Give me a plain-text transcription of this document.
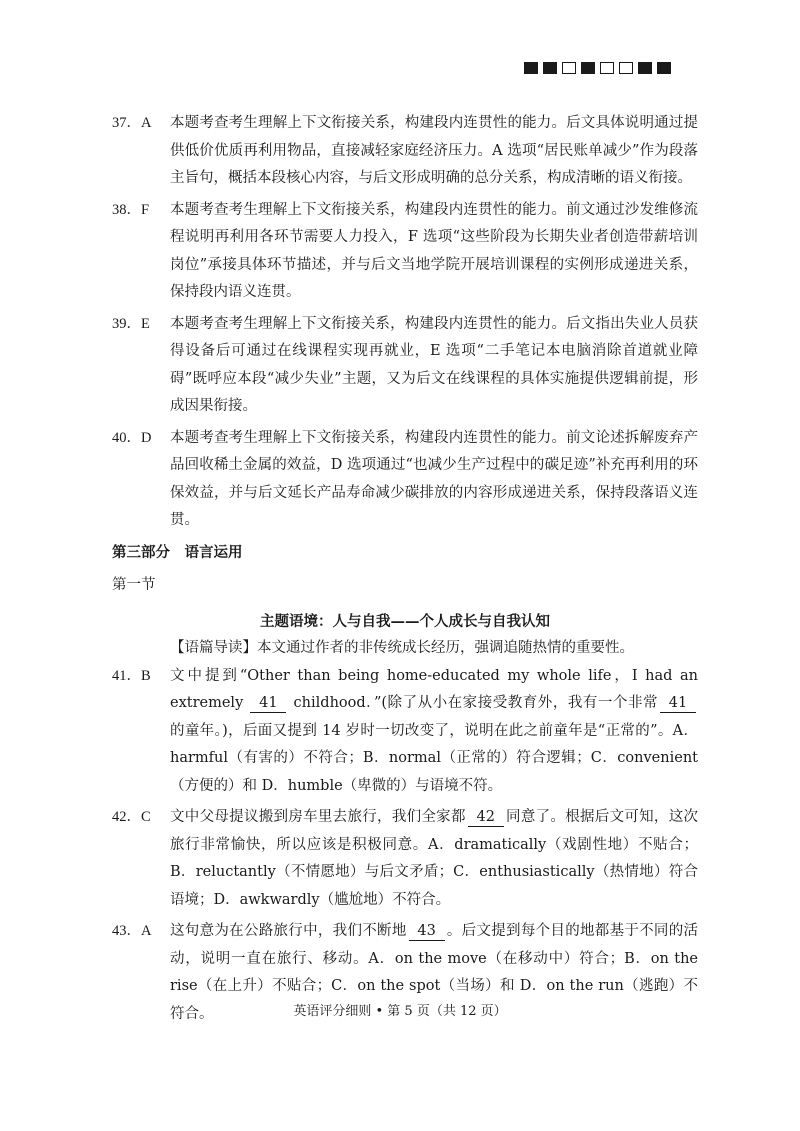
37．A	本题考查考生理解上下文衔接关系，构建段内连贯性的能力。后文具体说明通过提供低价优质再利用物品，直接减轻家庭经济压力。A 选项“居民账单减少”作为段落主旨句，概括本段核心内容，与后文形成明确的总分关系，构成清晰的语义衔接。
38．F	本题考查考生理解上下文衔接关系，构建段内连贯性的能力。前文通过沙发维修流程说明再利用各环节需要人力投入，F 选项“这些阶段为长期失业者创造带薪培训岗位”承接具体环节描述，并与后文当地学院开展培训课程的实例形成递进关系，保持段内语义连贯。
39．E	本题考查考生理解上下文衔接关系，构建段内连贯性的能力。后文指出失业人员获得设备后可通过在线课程实现再就业，E 选项“二手笔记本电脑消除首道就业障碍”既呼应本段“减少失业”主题，又为后文在线课程的具体实施提供逻辑前提，形成因果衔接。
40．D	本题考查考生理解上下文衔接关系，构建段内连贯性的能力。前文论述拆解废弃产品回收稀土金属的效益，D 选项通过“也减少生产过程中的碳足迹”补充再利用的环保效益，并与后文延长产品寿命减少碳排放的内容形成递进关系，保持段落语义连贯。
第三部分　语言运用
第一节
主题语境：人与自我——个人成长与自我认知
【语篇导读】本文通过作者的非传统成长经历，强调追随热情的重要性。
41．B	文中提到“Other than being home-educated my whole life，I had an extremely 41 childhood．”(除了从小在家接受教育外，我有一个非常 41的童年。)，后面又提到 14 岁时一切改变了，说明在此之前童年是“正常的”。A．harmful（有害的）不符合；B．normal（正常的）符合逻辑；C．convenient（方便的）和 D．humble（卑微的）与语境不符。
42．C	文中父母提议搬到房车里去旅行，我们全家都 42 同意了。根据后文可知，这次旅行非常愉快，所以应该是积极同意。A．dramatically（戏剧性地）不贴合；B．reluctantly（不情愿地）与后文矛盾；C．enthusiastically（热情地）符合语境；D．awkwardly（尴尬地）不符合。
43．A	这句意为在公路旅行中，我们不断地 43 。后文提到每个目的地都基于不同的活动，说明一直在旅行、移动。A．on the move（在移动中）符合；B．on the rise（在上升）不贴合；C．on the spot（当场）和 D．on the run（逃跑）不符合。	英语评分细则 • 第 5 页（共 12 页）
